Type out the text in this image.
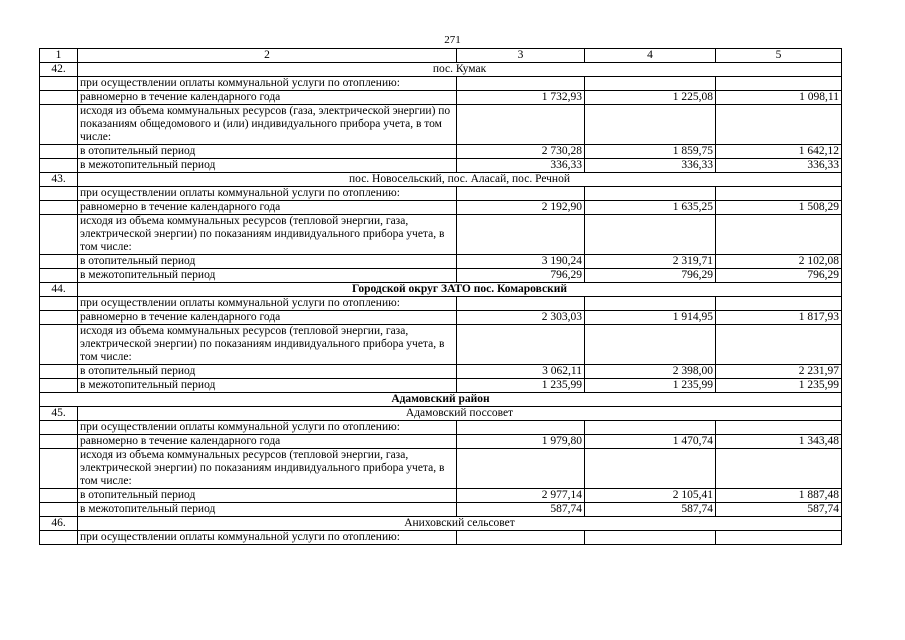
271
1	2	3	4	5
42.	пос. Кумак			
	при осуществлении оплаты коммунальной услуги по отоплению:			
	равномерно в течение календарного года	1 732,93	1 225,08	1 098,11
	исходя из объема коммунальных ресурсов (газа, электрической энергии) по показаниям общедомового и (или) индивидуального прибора учета, в том числе:			
	в отопительный период	2 730,28	1 859,75	1 642,12
	в межотопительный период	336,33	336,33	336,33
43.	пос. Новосельский, пос. Аласай, пос. Речной			
	при осуществлении оплаты коммунальной услуги по отоплению:			
	равномерно в течение календарного года	2 192,90	1 635,25	1 508,29
	исходя из объема коммунальных ресурсов (тепловой энергии, газа, электрической энергии) по показаниям индивидуального прибора учета, в том числе:			
	в отопительный период	3 190,24	2 319,71	2 102,08
	в межотопительный период	796,29	796,29	796,29
44.	Городской округ ЗАТО пос. Комаровский			
	при осуществлении оплаты коммунальной услуги по отоплению:			
	равномерно в течение календарного года	2 303,03	1 914,95	1 817,93
	исходя из объема коммунальных ресурсов (тепловой энергии, газа, электрической энергии) по показаниям индивидуального прибора учета, в том числе:			
	в отопительный период	3 062,11	2 398,00	2 231,97
	в межотопительный период	1 235,99	1 235,99	1 235,99
Адамовский район				
45.	Адамовский поссовет			
	при осуществлении оплаты коммунальной услуги по отоплению:			
	равномерно в течение календарного года	1 979,80	1 470,74	1 343,48
	исходя из объема коммунальных ресурсов (тепловой энергии, газа, электрической энергии) по показаниям индивидуального прибора учета, в том числе:			
	в отопительный период	2 977,14	2 105,41	1 887,48
	в межотопительный период	587,74	587,74	587,74
46.	Аниховский сельсовет			
	при осуществлении оплаты коммунальной услуги по отоплению:			
